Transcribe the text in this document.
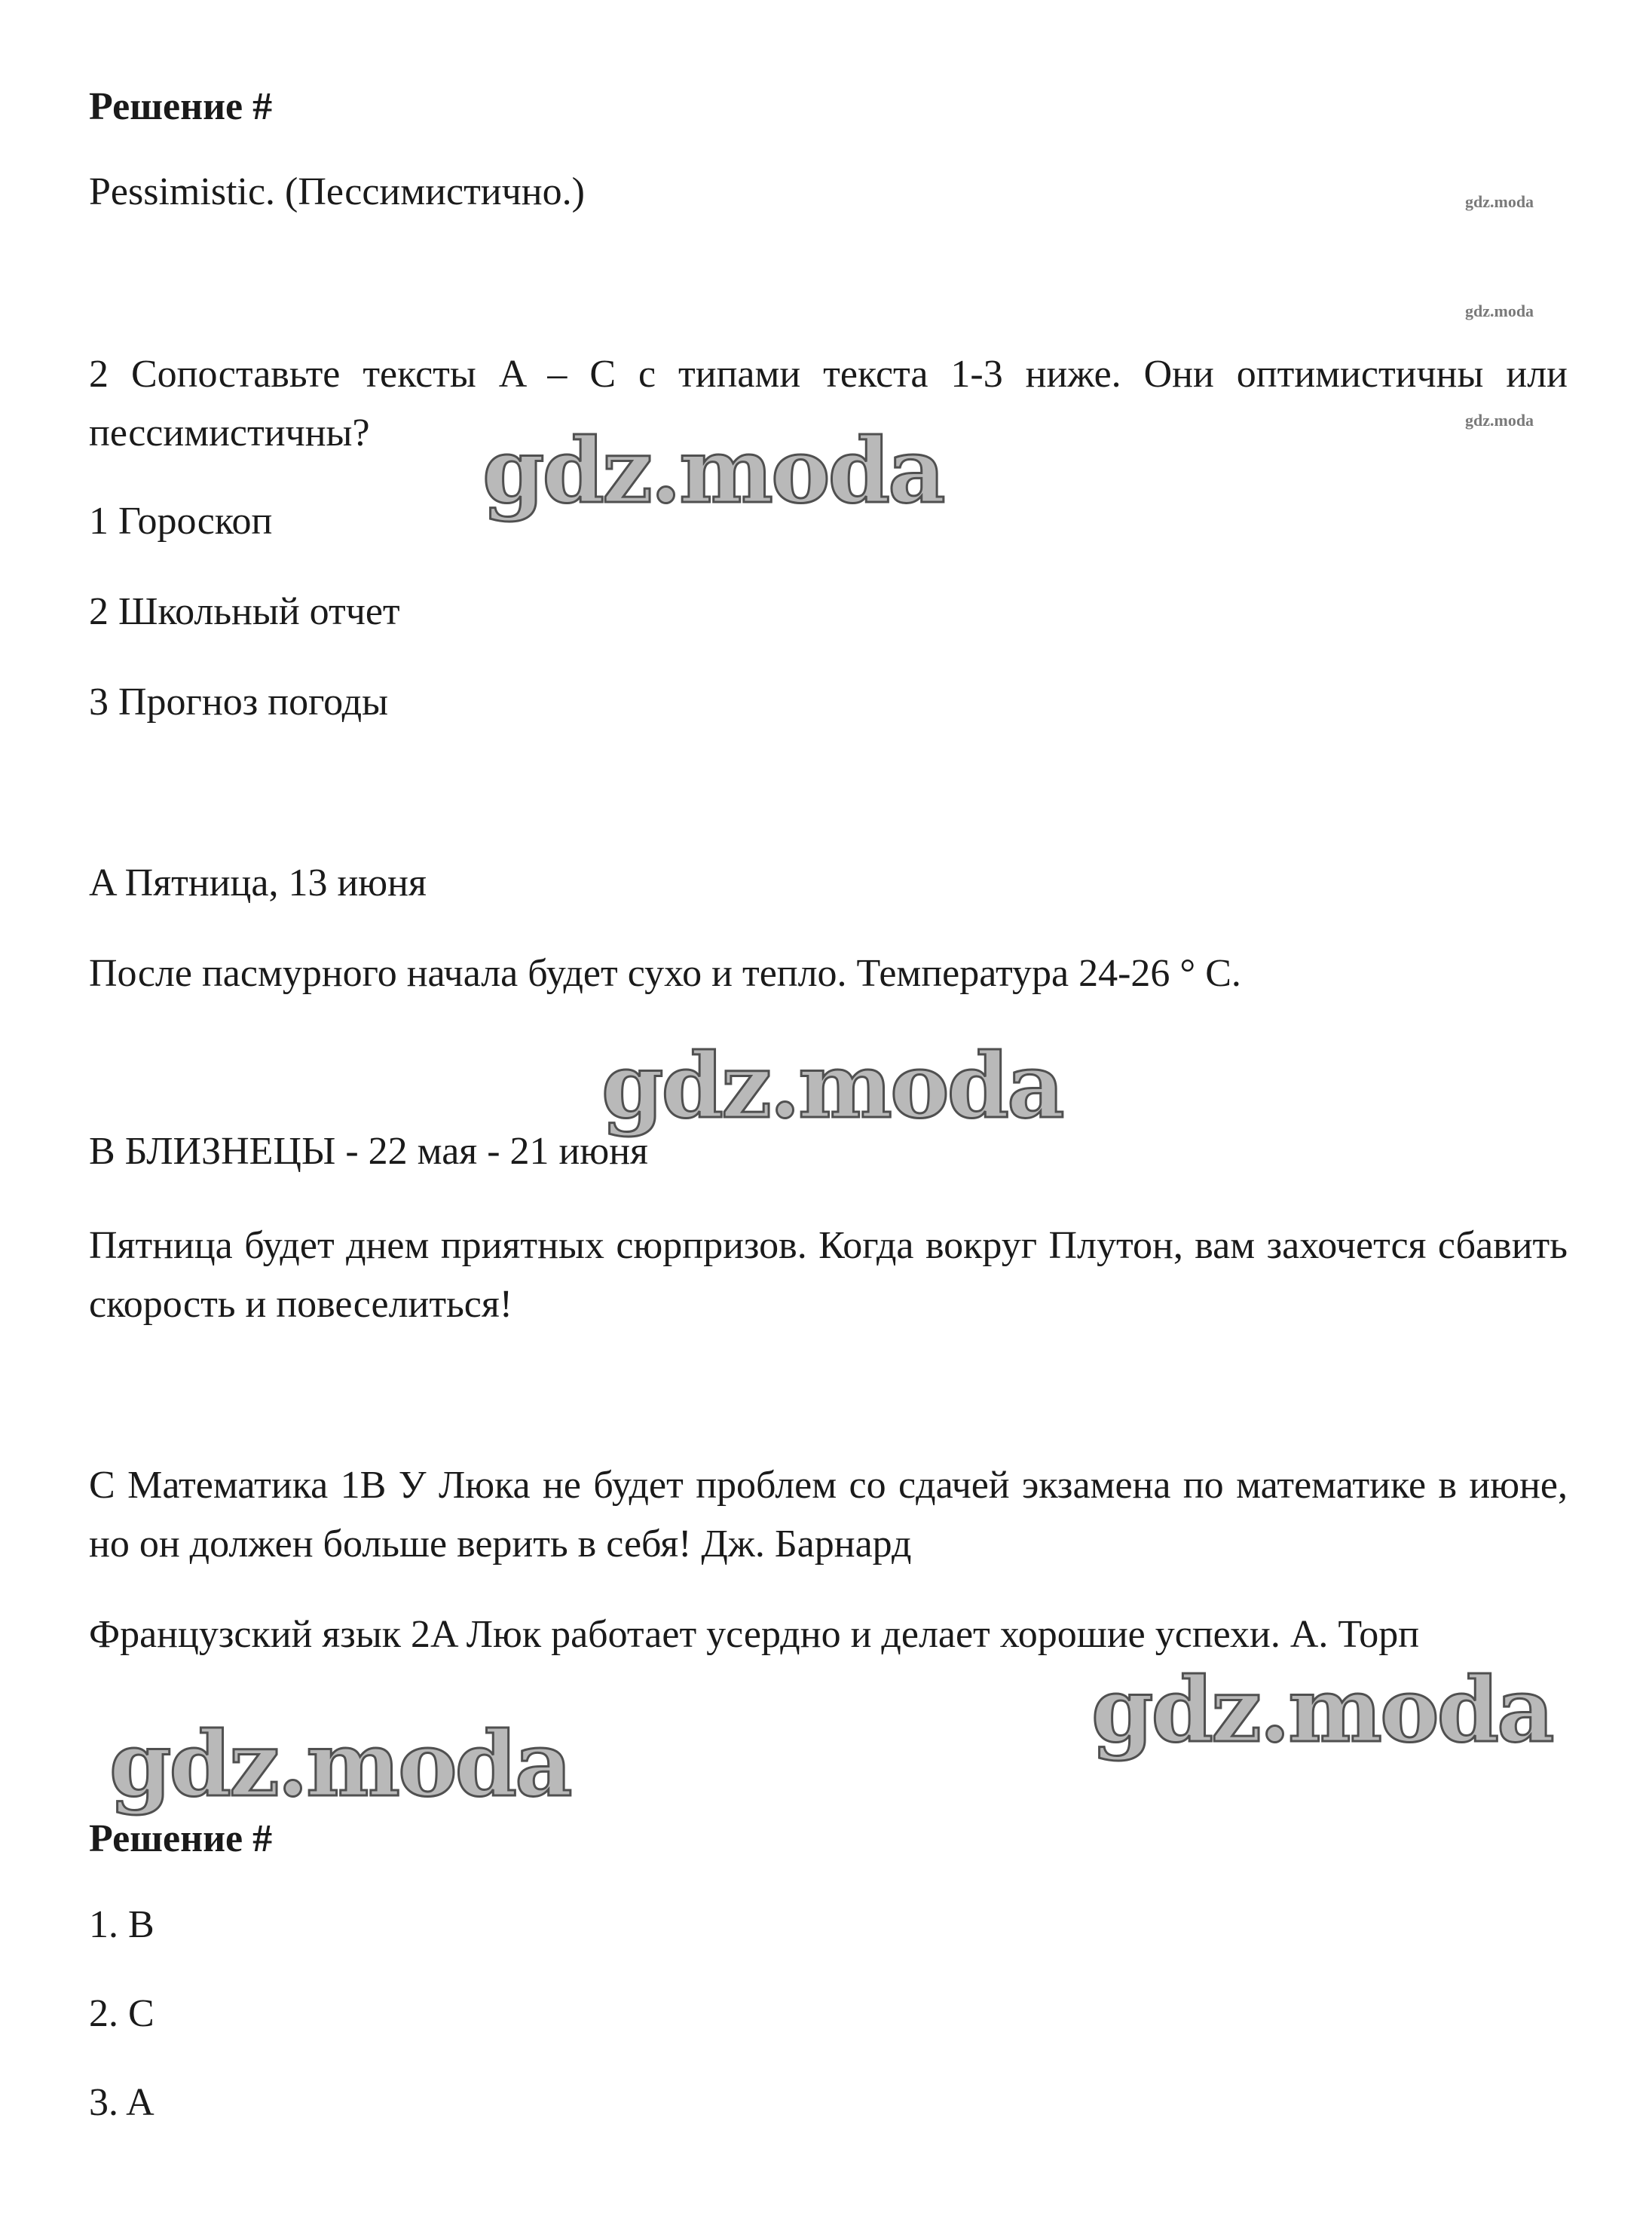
Решение #
Pessimistic. (Пессимистично.)	gdz.moda
gdz.moda
gdz.moda
2 Сопоставьте тексты A – C с типами текста 1-3 ниже. Они оптимистичны или пессимистичны?
1 Гороскоп
2 Школьный отчет
3 Прогноз погоды
A Пятница, 13 июня
После пасмурного начала будет сухо и тепло. Температура 24-26 ° С.
B БЛИЗНЕЦЫ - 22 мая - 21 июня
Пятница будет днем приятных сюрпризов. Когда вокруг Плутон, вам захочется сбавить скорость и повеселиться!
C Математика 1B У Люка не будет проблем со сдачей экзамена по математике в июне, но он должен больше верить в себя! Дж. Барнард
Французский язык 2A Люк работает усердно и делает хорошие успехи. А. Торп
Решение #
1. B
2. C
3. A
gdz.moda
gdz.moda
gdz.moda
gdz.moda
